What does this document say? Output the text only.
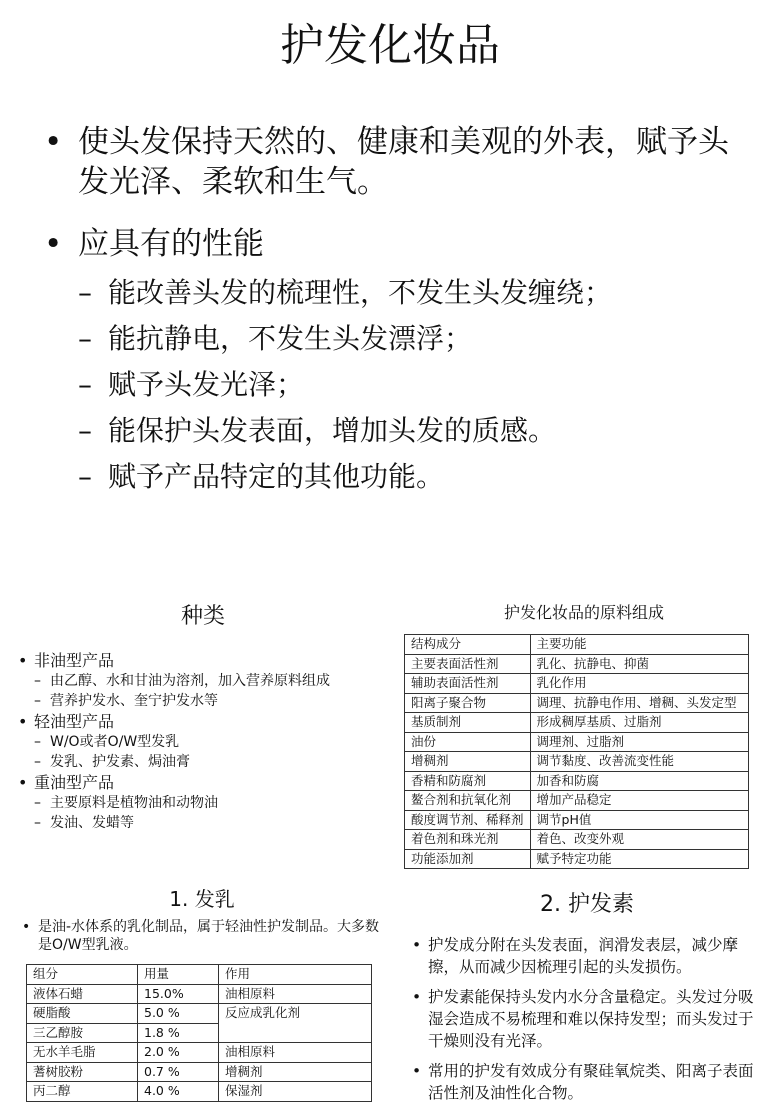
护发化妆品
• 使头发保持天然的、健康和美观的外表，赋予头发光泽、柔软和生气。
• 应具有的性能
– 能改善头发的梳理性，不发生头发缠绕；
– 能抗静电，不发生头发漂浮；
– 赋予头发光泽；
– 能保护头发表面，增加头发的质感。
– 赋予产品特定的其他功能。
种类
• 非油型产品
– 由乙醇、水和甘油为溶剂，加入营养原料组成
– 营养护发水、奎宁护发水等
• 轻油型产品
– W/O或者O/W型发乳
– 发乳、护发素、焗油膏
• 重油型产品
– 主要原料是植物油和动物油
– 发油、发蜡等
护发化妆品的原料组成
结构成分	主要功能
主要表面活性剂	乳化、抗静电、抑菌
辅助表面活性剂	乳化作用
阳离子聚合物	调理、抗静电作用、增稠、头发定型
基质制剂	形成稠厚基质、过脂剂
油份	调理剂、过脂剂
增稠剂	调节黏度、改善流变性能
香精和防腐剂	加香和防腐
鳌合剂和抗氧化剂	增加产品稳定
酸度调节剂、稀释剂	调节pH值
着色剂和珠光剂	着色、改变外观
功能添加剂	赋予特定功能
1. 发乳
• 是油-水体系的乳化制品，属于轻油性护发制品。大多数是O/W型乳液。
组分	用量	作用
液体石蜡	15.0%	油相原料
硬脂酸	5.0 %	反应成乳化剂
三乙醇胺	1.8 %	
无水羊毛脂	2.0 %	油相原料
蓍树胶粉	0.7 %	增稠剂
丙二醇	4.0 %	保湿剂
2. 护发素
• 护发成分附在头发表面，润滑发表层，减少摩擦，从而减少因梳理引起的头发损伤。
• 护发素能保持头发内水分含量稳定。头发过分吸湿会造成不易梳理和难以保持发型；而头发过于干燥则没有光泽。
• 常用的护发有效成分有聚硅氧烷类、阳离子表面活性剂及油性化合物。
